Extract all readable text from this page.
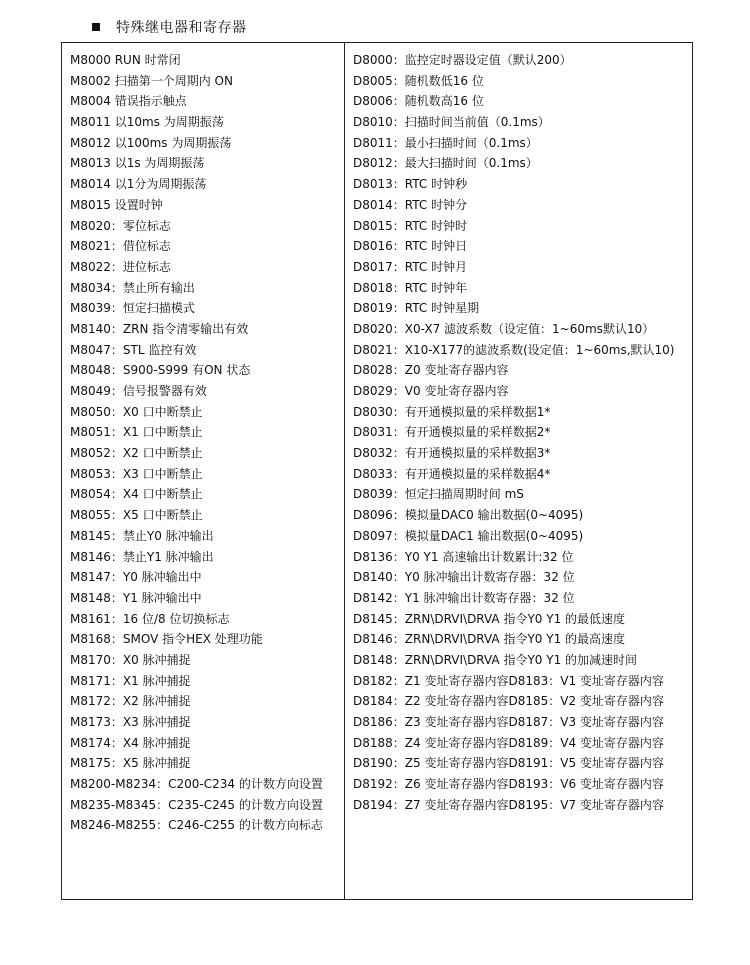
特殊继电器和寄存器
M8000 RUN 时常闭
M8002 扫描第一个周期内 ON
M8004 错误指示触点
M8011 以10ms 为周期振荡
M8012 以100ms 为周期振荡
M8013 以1s 为周期振荡
M8014 以1分为周期振荡
M8015 设置时钟
M8020：零位标志
M8021：借位标志
M8022：进位标志
M8034：禁止所有输出
M8039：恒定扫描模式
M8140：ZRN 指令清零输出有效
M8047：STL 监控有效
M8048：S900-S999 有ON 状态
M8049：信号报警器有效
M8050：X0 口中断禁止
M8051：X1 口中断禁止
M8052：X2 口中断禁止
M8053：X3 口中断禁止
M8054：X4 口中断禁止
M8055：X5 口中断禁止
M8145：禁止Y0 脉冲输出
M8146：禁止Y1 脉冲输出
M8147：Y0 脉冲输出中
M8148：Y1 脉冲输出中
M8161：16 位/8 位切换标志
M8168：SMOV 指令HEX 处理功能
M8170：X0 脉冲捕捉
M8171：X1 脉冲捕捉
M8172：X2 脉冲捕捉
M8173：X3 脉冲捕捉
M8174：X4 脉冲捕捉
M8175：X5 脉冲捕捉
M8200-M8234：C200-C234 的计数方向设置
M8235-M8345：C235-C245 的计数方向设置
M8246-M8255：C246-C255 的计数方向标志
D8000：监控定时器设定值（默认200）
D8005：随机数低16 位
D8006：随机数高16 位
D8010：扫描时间当前值（0.1ms）
D8011：最小扫描时间（0.1ms）
D8012：最大扫描时间（0.1ms）
D8013：RTC 时钟秒
D8014：RTC 时钟分
D8015：RTC 时钟时
D8016：RTC 时钟日
D8017：RTC 时钟月
D8018：RTC 时钟年
D8019：RTC 时钟星期
D8020：X0-X7 滤波系数（设定值：1~60ms默认10）
D8021：X10-X177的滤波系数(设定值：1~60ms,默认10)
D8028：Z0 变址寄存器内容
D8029：V0 变址寄存器内容
D8030：有开通模拟量的采样数据1*
D8031：有开通模拟量的采样数据2*
D8032：有开通模拟量的采样数据3*
D8033：有开通模拟量的采样数据4*
D8039：恒定扫描周期时间 mS
D8096：模拟量DAC0 输出数据(0~4095)
D8097：模拟量DAC1 输出数据(0~4095)
D8136：Y0 Y1 高速输出计数累计:32 位
D8140：Y0 脉冲输出计数寄存器：32 位
D8142：Y1 脉冲输出计数寄存器：32 位
D8145：ZRN\DRVI\DRVA 指令Y0 Y1 的最低速度
D8146：ZRN\DRVI\DRVA 指令Y0 Y1 的最高速度
D8148：ZRN\DRVI\DRVA 指令Y0 Y1 的加减速时间
D8182：Z1 变址寄存器内容D8183：V1 变址寄存器内容
D8184：Z2 变址寄存器内容D8185：V2 变址寄存器内容
D8186：Z3 变址寄存器内容D8187：V3 变址寄存器内容
D8188：Z4 变址寄存器内容D8189：V4 变址寄存器内容
D8190：Z5 变址寄存器内容D8191：V5 变址寄存器内容
D8192：Z6 变址寄存器内容D8193：V6 变址寄存器内容
D8194：Z7 变址寄存器内容D8195：V7 变址寄存器内容
